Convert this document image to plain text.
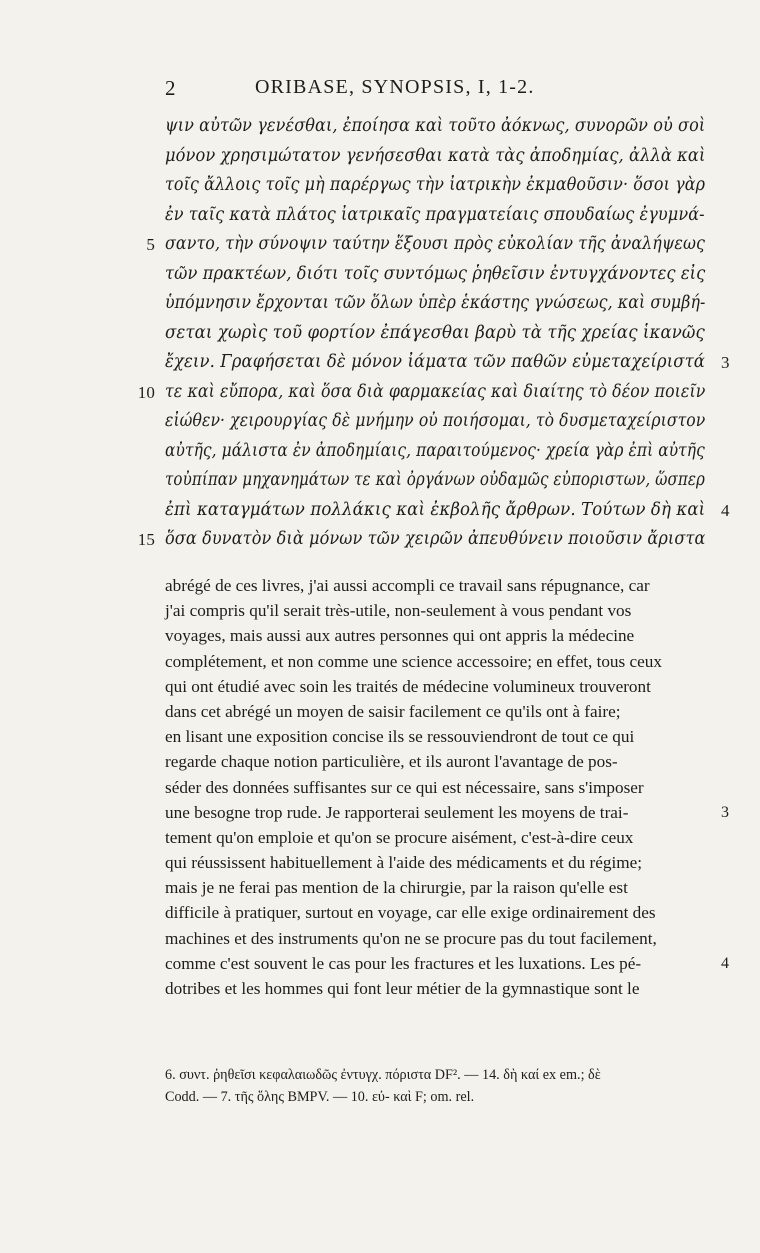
2	ORIBASE, SYNOPSIS, I, 1-2.
ψιν αὐτῶν γενέσθαι, ἐποίησα καὶ τοῦτο ἀόκνως, συνορῶν οὐ σοὶ
μόνον χρησιμώτατον γενήσεσθαι κατὰ τὰς ἀποδημίας, ἀλλὰ καὶ
τοῖς ἄλλοις τοῖς μὴ παρέργως τὴν ἰατρικὴν ἐκμαθοῦσιν· ὅσοι γὰρ
ἐν ταῖς κατὰ πλάτος ἰατρικαῖς πραγματείαις σπουδαίως ἐγυμνά-
σαντο, τὴν σύνοψιν ταύτην ἕξουσι πρὸς εὐκολίαν τῆς ἀναλήψεως
5
τῶν πρακτέων, διότι τοῖς συντόμως ῥηθεῖσιν ἐντυγχάνοντες εἰς
ὑπόμνησιν ἔρχονται τῶν ὅλων ὑπὲρ ἑκάστης γνώσεως, καὶ συμβή-
σεται χωρὶς τοῦ φορτίον ἐπάγεσθαι βαρὺ τὰ τῆς χρείας ἱκανῶς
ἔχειν. Γραφήσεται δὲ μόνον ἰάματα τῶν παθῶν εὐμεταχείριστά 3
τε καὶ εὔπορα, καὶ ὅσα διὰ φαρμακείας καὶ διαίτης τὸ δέον ποιεῖν
10
εἰώθεν· χειρουργίας δὲ μνήμην οὐ ποιήσομαι, τὸ δυσμεταχείριστον
αὐτῆς, μάλιστα ἐν ἀποδημίαις, παραιτούμενος· χρεία γὰρ ἐπὶ αὐτῆς
τοὐπίπαν μηχανημάτων τε καὶ ὀργάνων οὐδαμῶς εὐποριστων, ὥσπερ
ἐπὶ καταγμάτων πολλάκις καὶ ἐκβολῆς ἄρθρων. Τούτων δὴ καὶ 4
ὅσα δυνατὸν διὰ μόνων τῶν χειρῶν ἀπευθύνειν ποιοῦσιν ἄριστα
15
abrégé de ces livres, j'ai aussi accompli ce travail sans répugnance, car
j'ai compris qu'il serait très-utile, non-seulement à vous pendant vos
voyages, mais aussi aux autres personnes qui ont appris la médecine
complétement, et non comme une science accessoire; en effet, tous ceux
qui ont étudié avec soin les traités de médecine volumineux trouveront
dans cet abrégé un moyen de saisir facilement ce qu'ils ont à faire;
en lisant une exposition concise ils se ressouviendront de tout ce qui
regarde chaque notion particulière, et ils auront l'avantage de pos-
séder des données suffisantes sur ce qui est nécessaire, sans s'imposer
une besogne trop rude. Je rapporterai seulement les moyens de trai-	3
tement qu'on emploie et qu'on se procure aisément, c'est-à-dire ceux
qui réussissent habituellement à l'aide des médicaments et du régime;
mais je ne ferai pas mention de la chirurgie, par la raison qu'elle est
difficile à pratiquer, surtout en voyage, car elle exige ordinairement des
machines et des instruments qu'on ne se procure pas du tout facilement,
comme c'est souvent le cas pour les fractures et les luxations. Les pé-	4
dotribes et les hommes qui font leur métier de la gymnastique sont le
6. συντ. ῥηθεῖσι κεφαλαιωδῶς ἐντυγχ. πόριστα DF². — 14. δὴ καί ex em.; δὲ
Codd. — 7. τῆς ὅλης BMPV. — 10. εὐ- καὶ F; om. rel.
